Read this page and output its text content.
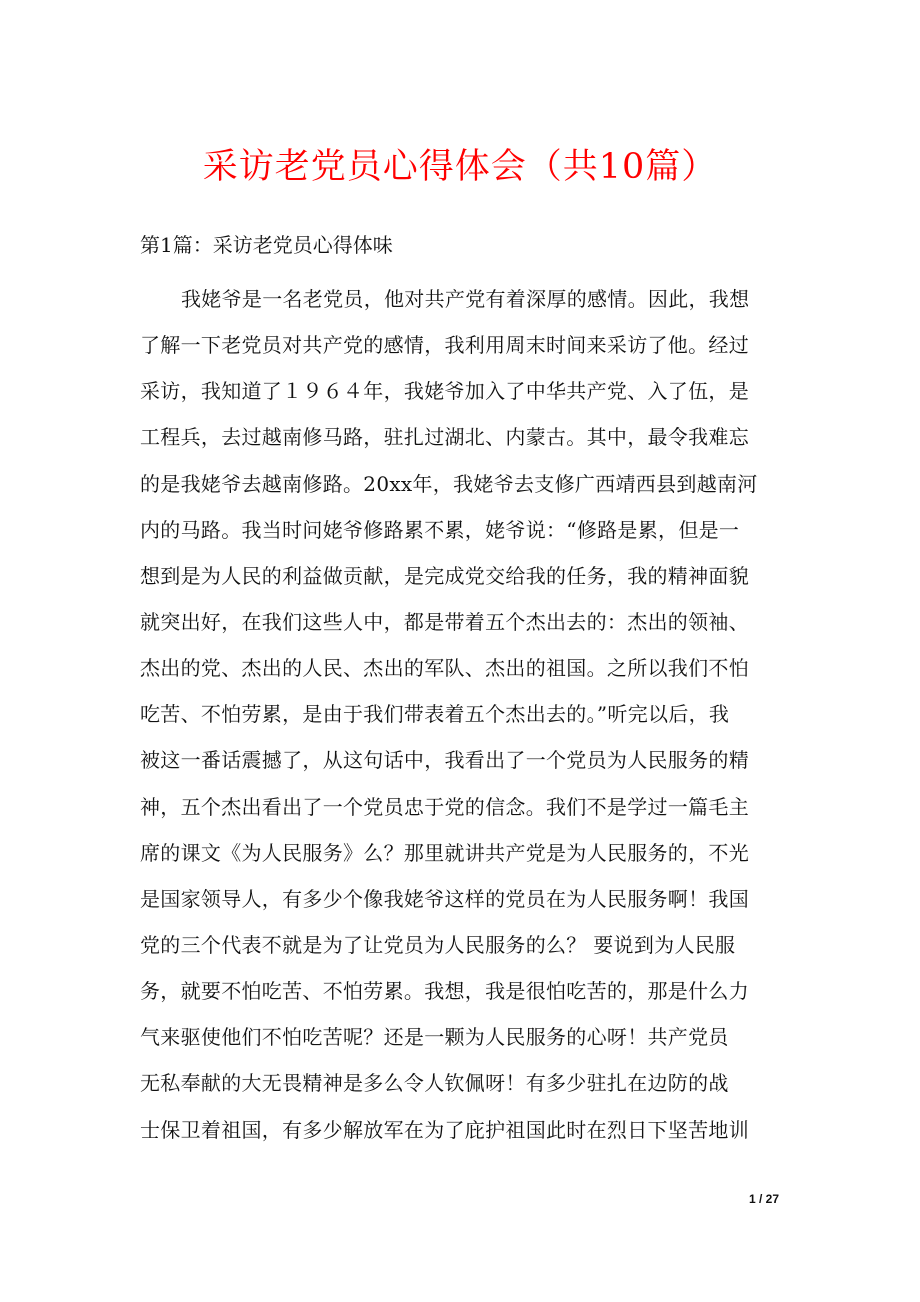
采访老党员心得体会（共10篇）
第1篇：采访老党员心得体味
我姥爷是一名老党员，他对共产党有着深厚的感情。因此，我想
了解一下老党员对共产党的感情，我利用周末时间来采访了他。经过
采访，我知道了１９６４年，我姥爷加入了中华共产党、入了伍，是
工程兵，去过越南修马路，驻扎过湖北、内蒙古。其中，最令我难忘
的是我姥爷去越南修路。20xx年，我姥爷去支修广西靖西县到越南河
内的马路。我当时问姥爷修路累不累，姥爷说：“修路是累，但是一
想到是为人民的利益做贡献，是完成党交给我的任务，我的精神面貌
就突出好，在我们这些人中，都是带着五个杰出去的：杰出的领袖、
杰出的党、杰出的人民、杰出的军队、杰出的祖国。之所以我们不怕
吃苦、不怕劳累，是由于我们带表着五个杰出去的。”听完以后，我
被这一番话震撼了，从这句话中，我看出了一个党员为人民服务的精
神，五个杰出看出了一个党员忠于党的信念。我们不是学过一篇毛主
席的课文《为人民服务》么？那里就讲共产党是为人民服务的，不光
是国家领导人，有多少个像我姥爷这样的党员在为人民服务啊！我国
党的三个代表不就是为了让党员为人民服务的么？ 要说到为人民服
务，就要不怕吃苦、不怕劳累。我想，我是很怕吃苦的，那是什么力
气来驱使他们不怕吃苦呢？还是一颗为人民服务的心呀！共产党员
无私奉献的大无畏精神是多么令人钦佩呀！有多少驻扎在边防的战
士保卫着祖国，有多少解放军在为了庇护祖国此时在烈日下坚苦地训
1 / 27
